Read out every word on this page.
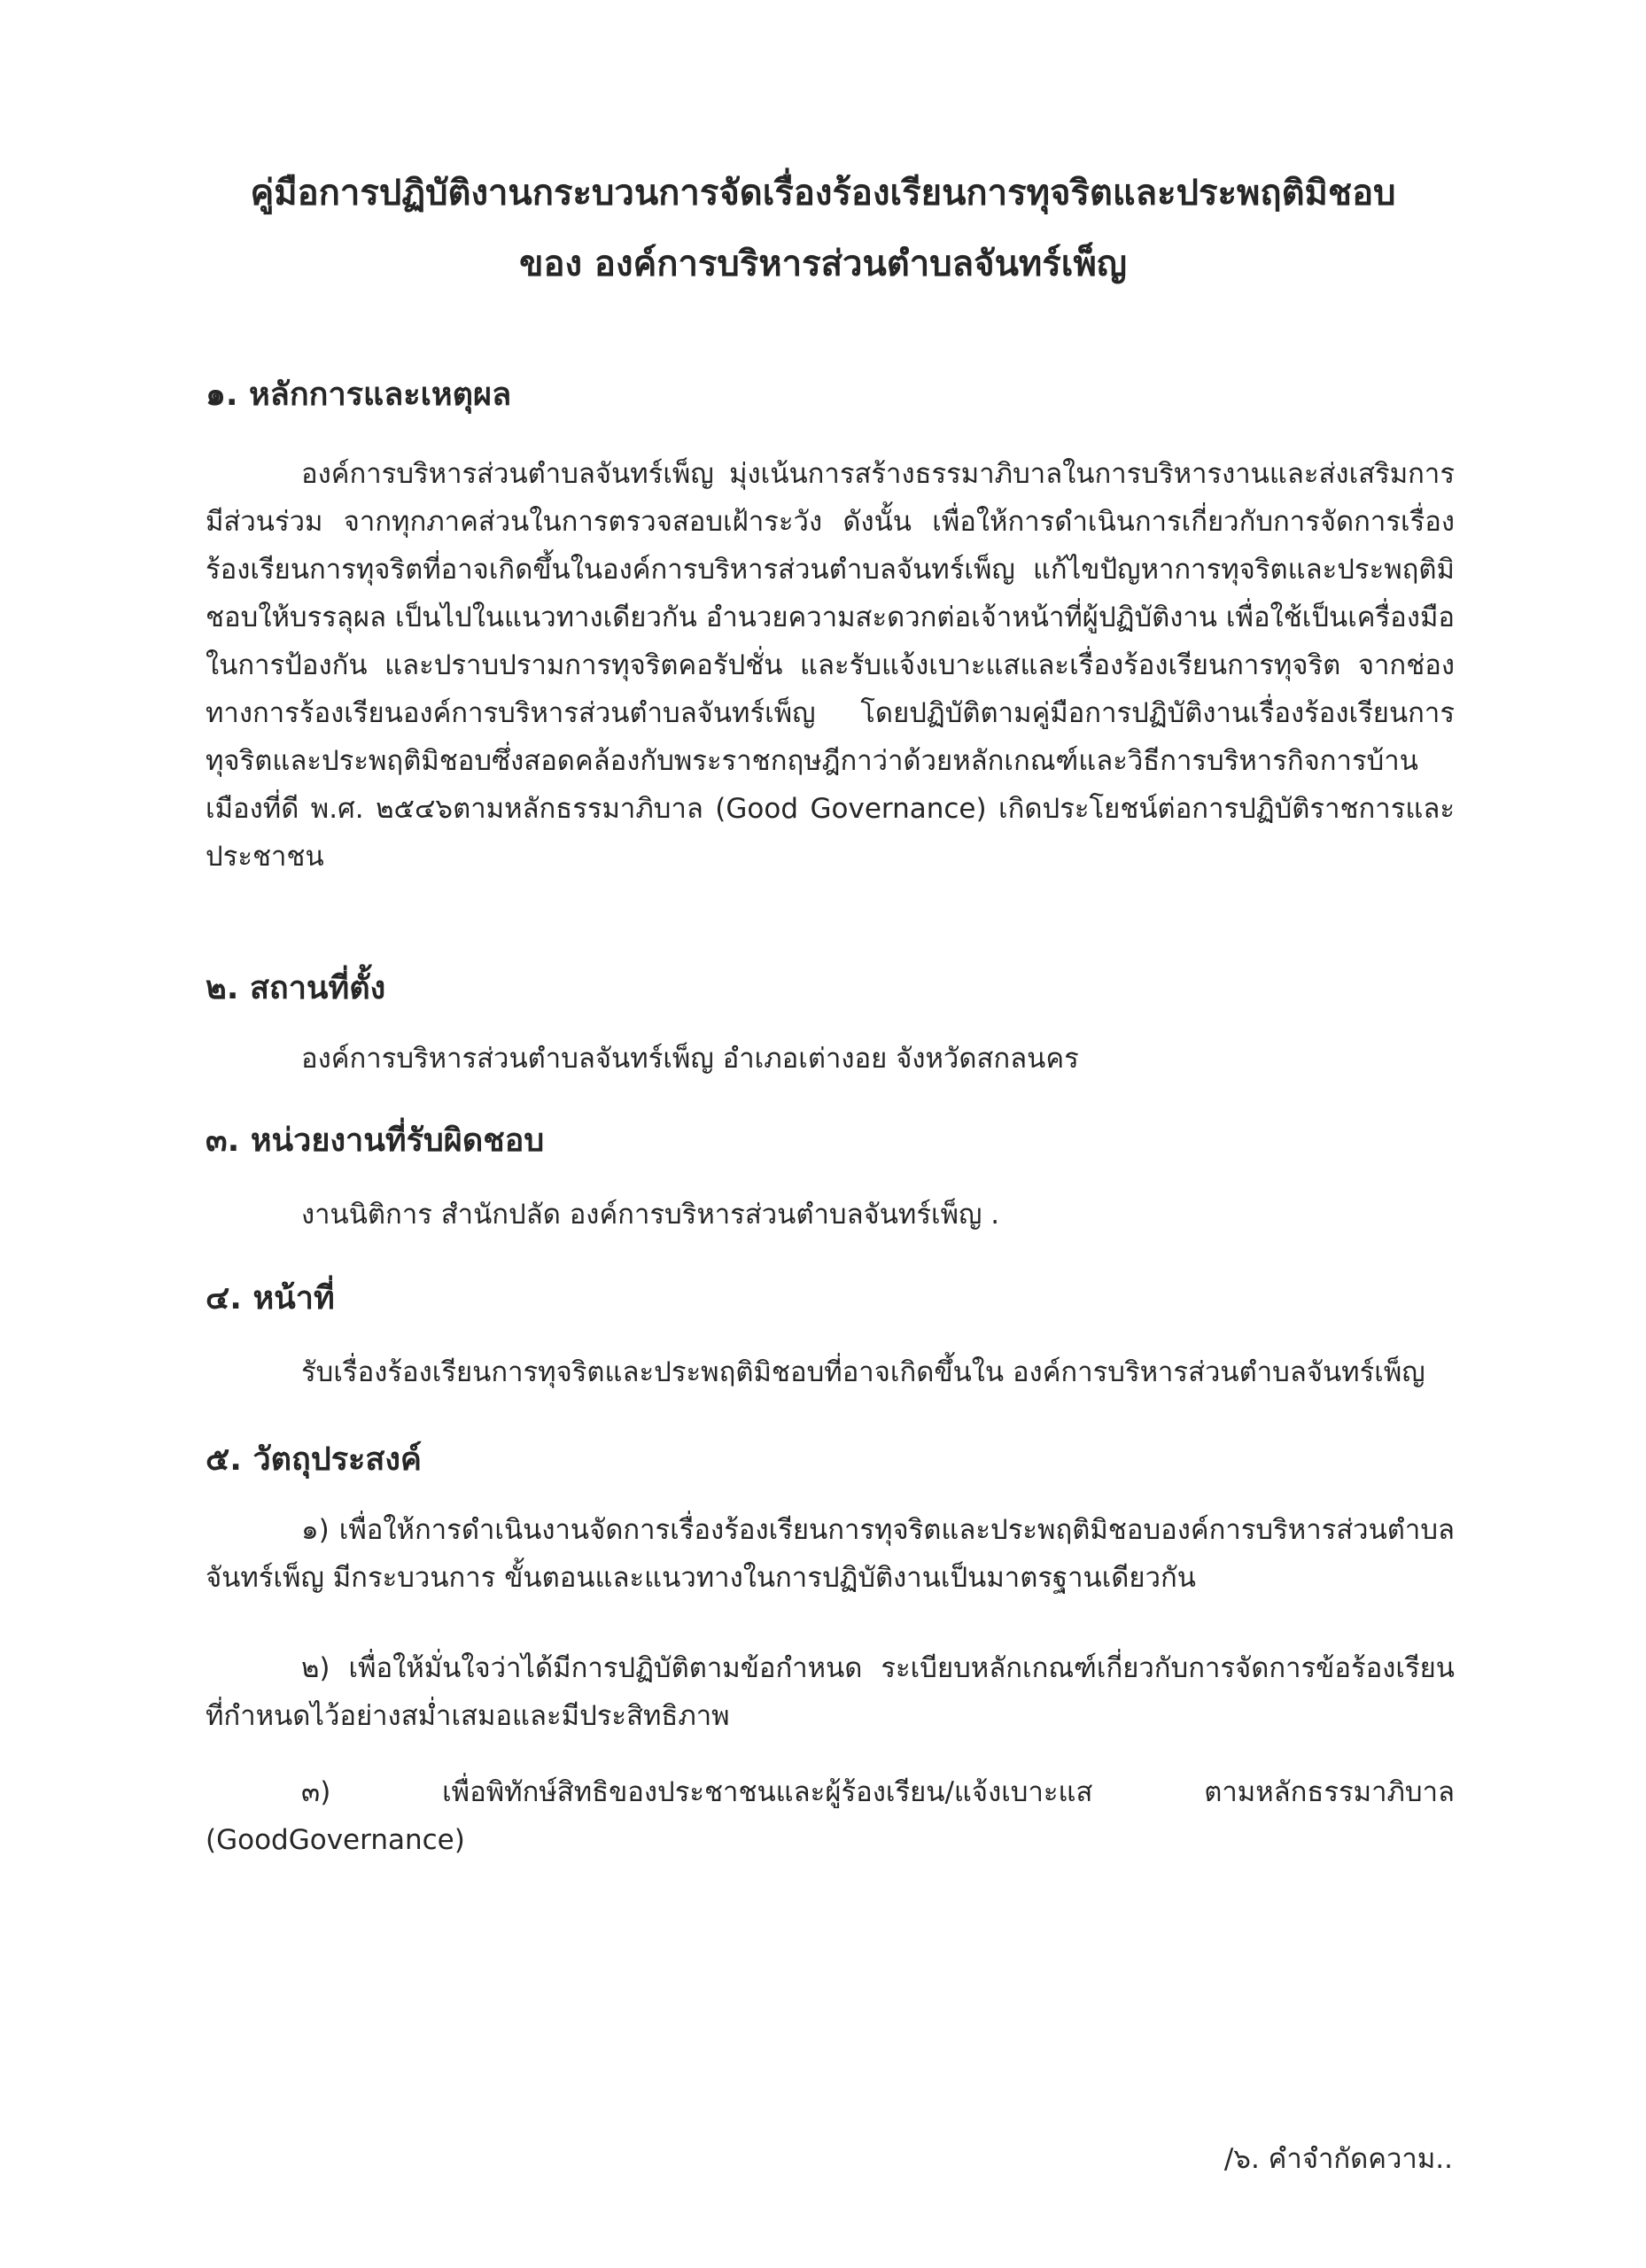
คู่มือการปฏิบัติงานกระบวนการจัดเรื่องร้องเรียนการทุจริตและประพฤติมิชอบ
ของ องค์การบริหารส่วนตำบลจันทร์เพ็ญ
๑. หลักการและเหตุผล
องค์การบริหารส่วนตำบลจันทร์เพ็ญ มุ่งเน้นการสร้างธรรมาภิบาลในการบริหารงานและส่งเสริมการมีส่วนร่วม จากทุกภาคส่วนในการตรวจสอบเฝ้าระวัง ดังนั้น เพื่อให้การดำเนินการเกี่ยวกับการจัดการเรื่องร้องเรียนการทุจริตที่อาจเกิดขึ้นในองค์การบริหารส่วนตำบลจันทร์เพ็ญ แก้ไขปัญหาการทุจริตและประพฤติมิชอบให้บรรลุผล เป็นไปในแนวทางเดียวกัน อำนวยความสะดวกต่อเจ้าหน้าที่ผู้ปฏิบัติงาน เพื่อใช้เป็นเครื่องมือในการป้องกัน และปราบปรามการทุจริตคอรัปชั่น และรับแจ้งเบาะแสและเรื่องร้องเรียนการทุจริต จากช่องทางการร้องเรียนองค์การบริหารส่วนตำบลจันทร์เพ็ญ โดยปฏิบัติตามคู่มือการปฏิบัติงานเรื่องร้องเรียนการทุจริตและประพฤติมิชอบซึ่งสอดคล้องกับพระราชกฤษฎีกาว่าด้วยหลักเกณฑ์และวิธีการบริหารกิจการบ้านเมืองที่ดี พ.ศ. ๒๕๔๖ตามหลักธรรมาภิบาล (Good Governance) เกิดประโยชน์ต่อการปฏิบัติราชการและประชาชน
๒. สถานที่ตั้ง
องค์การบริหารส่วนตำบลจันทร์เพ็ญ อำเภอเต่างอย จังหวัดสกลนคร
๓. หน่วยงานที่รับผิดชอบ
งานนิติการ สำนักปลัด องค์การบริหารส่วนตำบลจันทร์เพ็ญ .
๔. หน้าที่
รับเรื่องร้องเรียนการทุจริตและประพฤติมิชอบที่อาจเกิดขึ้นใน องค์การบริหารส่วนตำบลจันทร์เพ็ญ
๕. วัตถุประสงค์
๑) เพื่อให้การดำเนินงานจัดการเรื่องร้องเรียนการทุจริตและประพฤติมิชอบองค์การบริหารส่วนตำบลจันทร์เพ็ญ มีกระบวนการ ขั้นตอนและแนวทางในการปฏิบัติงานเป็นมาตรฐานเดียวกัน
๒) เพื่อให้มั่นใจว่าได้มีการปฏิบัติตามข้อกำหนด ระเบียบหลักเกณฑ์เกี่ยวกับการจัดการข้อร้องเรียน ที่กำหนดไว้อย่างสม่ำเสมอและมีประสิทธิภาพ
๓) เพื่อพิทักษ์สิทธิของประชาชนและผู้ร้องเรียน/แจ้งเบาะแส ตามหลักธรรมาภิบาล (GoodGovernance)
/๖. คำจำกัดความ..
